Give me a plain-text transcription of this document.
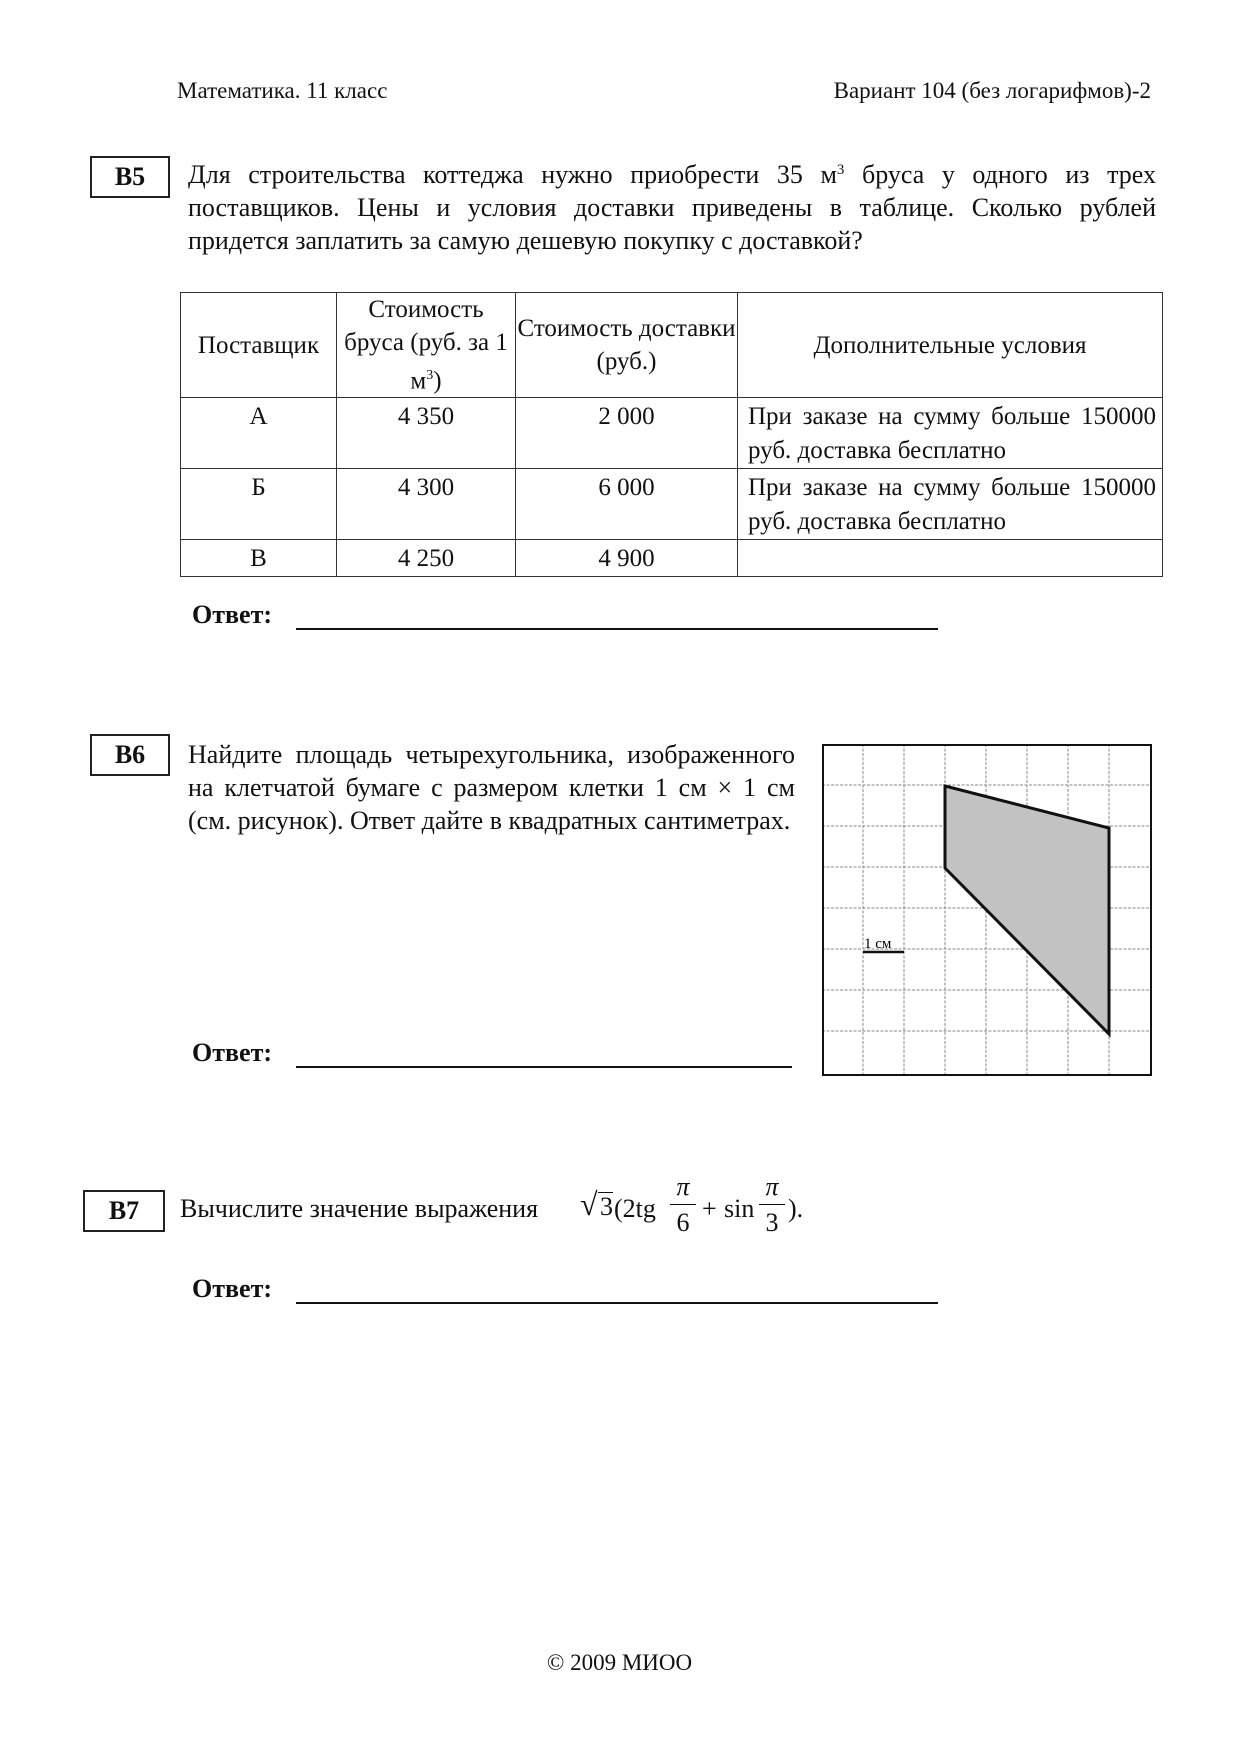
Математика. 11 класс	Вариант 104 (без логарифмов)-2
B5	Для строительства коттеджа нужно приобрести 35 $м^3$ бруса у одного из трех поставщиков. Цены и условия доставки приведены в таблице. Сколько рублей придется заплатить за самую дешевую покупку с доставкой?
Поставщик	Стоимость бруса (руб. за 1 $м^3$)	Стоимость доставки (руб.)	Дополнительные условия
А	4 350	2 000	При заказе на сумму больше 150000 руб. доставка бесплатно
Б	4 300	6 000	При заказе на сумму больше 150000 руб. доставка бесплатно
В	4 250	4 900	
Ответ:
B6	Найдите площадь четырехугольника, изображенного на клетчатой бумаге с размером клетки 1 см × 1 см (см. рисунок). Ответ дайте в квадратных сантиметрах.
1 см
Ответ:
B7	Вычислите значение выражения √ 3 (2tg
π
6 + sin
π
3 ).
Ответ:
© 2009 МИОО
